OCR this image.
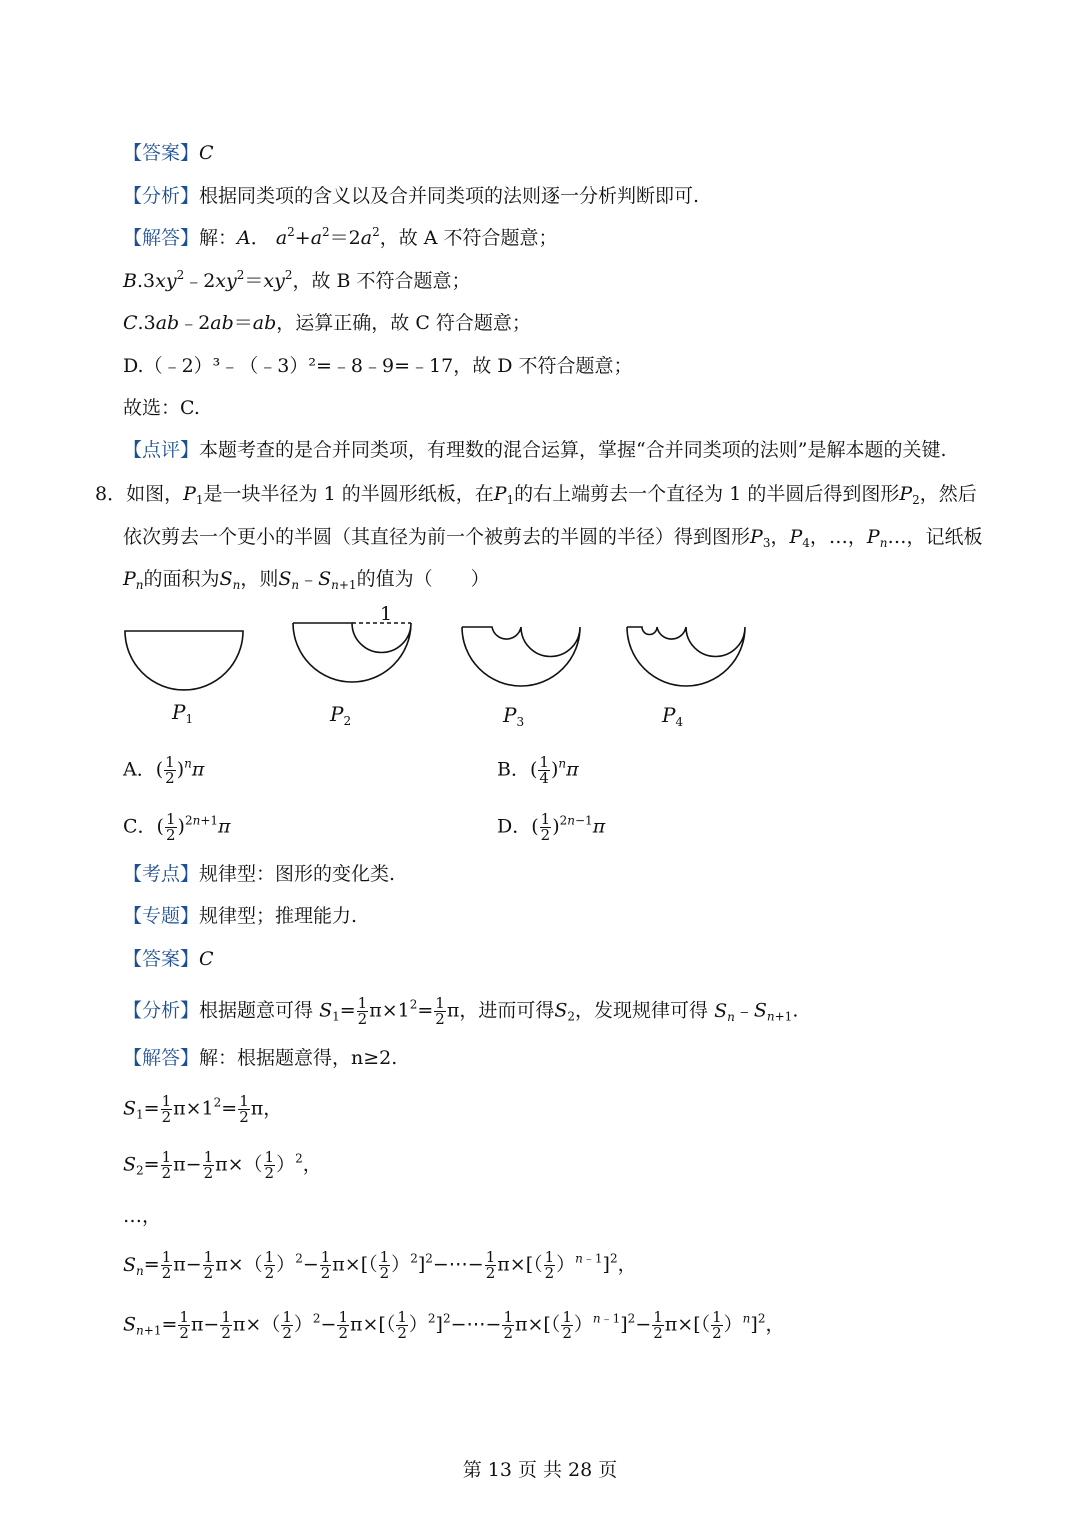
【答案】C
【分析】根据同类项的含义以及合并同类项的法则逐一分析判断即可.
【解答】解：A． $a^2+a^2=2a^2$，故 A 不符合题意；
$B.3xy^2﹣2xy^2=xy^2$，故 B 不符合题意；
C.3ab﹣2ab＝ab，运算正确，故 C 符合题意；
D.（﹣2）³﹣（﹣3）²=﹣8﹣9=﹣17，故 D 不符合题意；
故选：C.
【点评】本题考查的是合并同类项，有理数的混合运算，掌握“合并同类项的法则”是解本题的关键.
8．如图，$P_1$是一块半径为 1 的半圆形纸板，在$P_1$的右上端剪去一个直径为 1 的半圆后得到图形$P_2$，然后
依次剪去一个更小的半圆（其直径为前一个被剪去的半圆的半径）得到图形$P_3$，$P_4$，…，$P_n\dots$，记纸板
$P_n$的面积为$S_n$，则$S_n﹣S_{n+1}$的值为（　　）
1
$P_1$	$P_2$	$P_3$	$P_4$
A．( $\frac{1}{2} )^n\pi$	B．( $\frac{1}{4} )^n\pi$
C．( $\frac{1}{2} )^{2n+1}\pi$	D．( $\frac{1}{2} )^{2n-1}\pi$
【考点】规律型：图形的变化类.
【专题】规律型；推理能力.
【答案】C
【分析】根据题意可得 $S_1= \frac{1}{2} \pi\times 1^2= \frac{1}{2}$ π，进而可得$S_2$，发现规律可得 $S_n﹣S_{n+1}$.
【解答】解：根据题意得，n≥2.
$S_1= \frac{1}{2} \pi\times 1^2= \frac{1}{2}$ π，
$S_2= \frac{1}{2} \pi- \frac{1}{2} \pi\times( \frac{1}{2} )^2$，
…，
$S_n= \frac{1}{2} \pi- \frac{1}{2} \pi\times( \frac{1}{2} )^2- \frac{1}{2} \pi\times[( \frac{1}{2}$ ）$^2]^2-\cdots- \frac{1}{2} \pi\times[( \frac{1}{2} )^{n﹣1}]^2$，
$S_{n+1}= \frac{1}{2} \pi- \frac{1}{2} \pi\times( \frac{1}{2} )^2- \frac{1}{2} \pi\times[( \frac{1}{2}$ ）$^2]^2-\cdots- \frac{1}{2} \pi\times[( \frac{1}{2} )^{n﹣1}]^2- \frac{1}{2} \pi\times[( \frac{1}{2} )^n]^2$，
第 13 页 共 28 页
